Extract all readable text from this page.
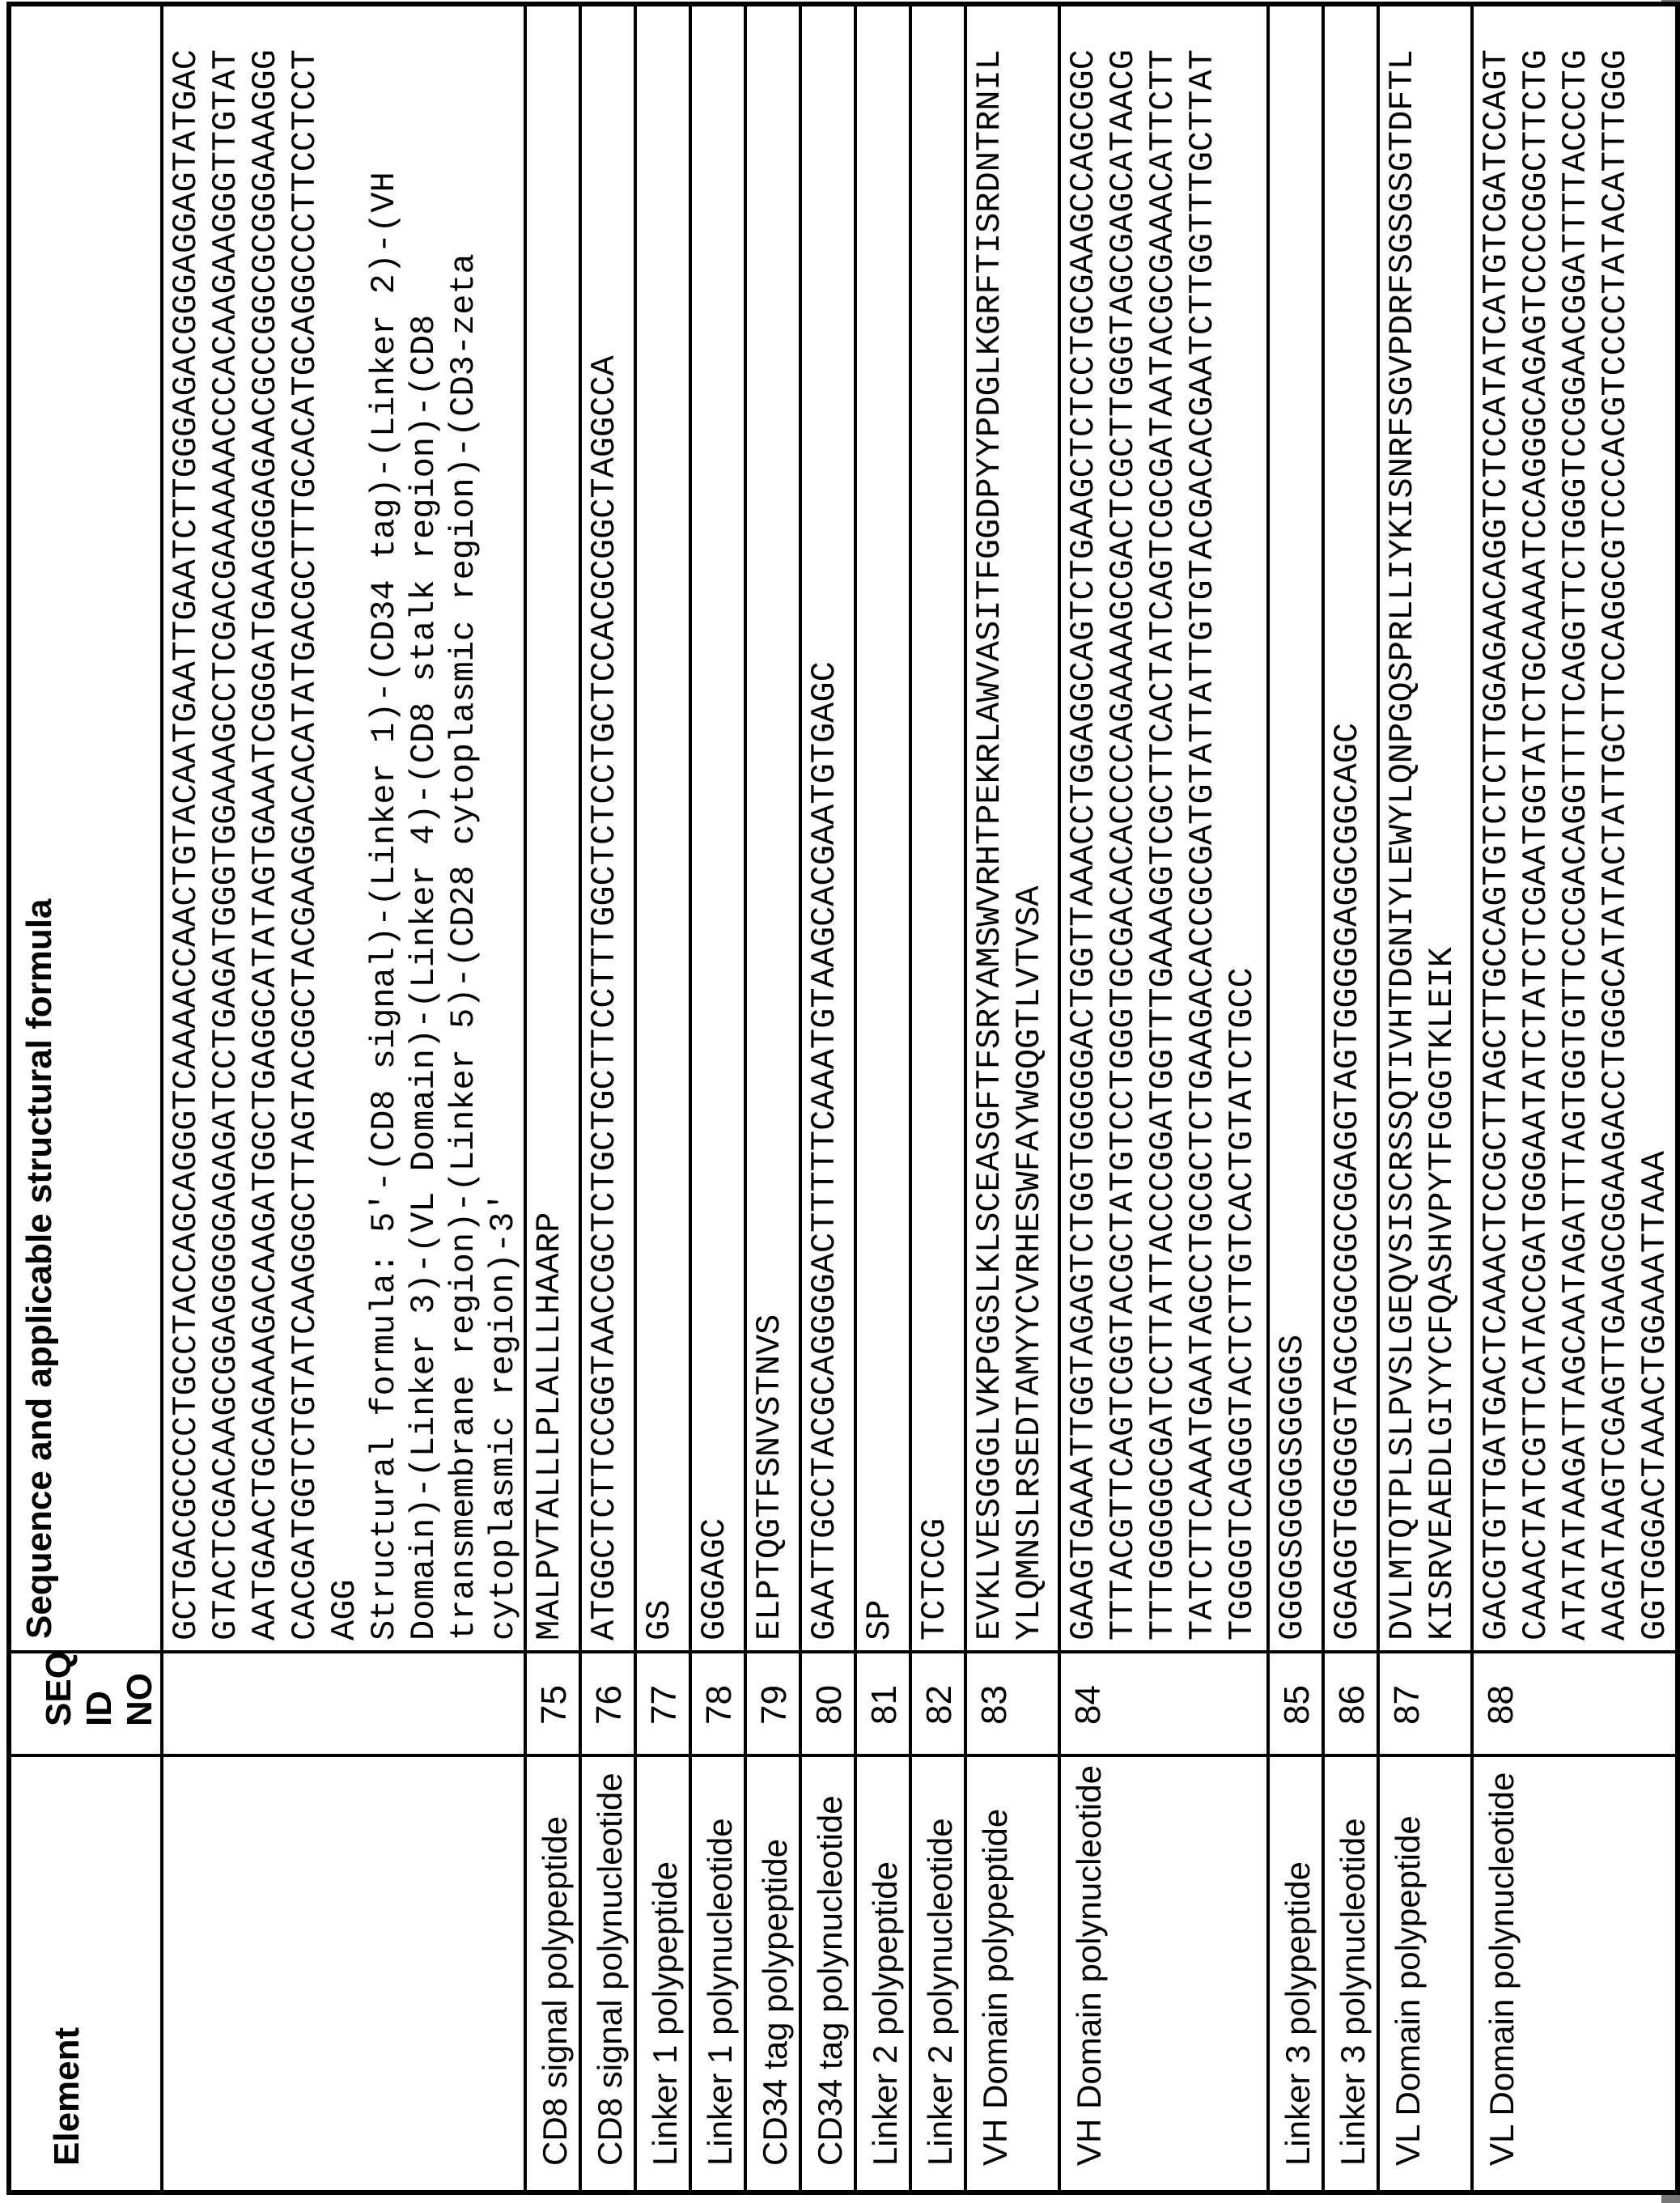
Element	SEQ ID NO	Sequence and applicable structural formula

GCTGACGCCCCTGCCTACCAGCAGGGTCAAAACCAACTGTACAATGAATTGAATCTTGGGAGACGGGAGGAGTATGAC
GTACTCGACAAGCGGAGGGGGAGAGATCCTGAGATGGGTGGAAAGCCTCGACGAAAAAACCCACAAGAAGGGTTGTAT
AATGAACTGCAGAAAGACAAGATGGCTGAGGCATATAGTGAAATCGGGATGAAGGGAGAACGCCGGCGCGGGAAAGGG
CACGATGGTCTGTATCAAGGGCTTAGTACGGCTACGAAGGACACATATGACGCTTTGCACATGCAGGCCCTTCCTCCT
AGG
Structural formula: 5'-(CD8 signal)-(Linker 1)-(CD34 tag)-(Linker 2)-(VH
Domain)-(Linker 3)-(VL Domain)-(Linker 4)-(CD8 stalk region)-(CD8
transmembrane region)-(Linker 5)-(CD28 cytoplasmic region)-(CD3-zeta
cytoplasmic region)-3'

CD8 signal polypeptide	75	MALPVTALLLPLALLLHAARP

CD8 signal polynucleotide	76	ATGGCTCTTCCGGTAACCGCTCTGCTGCTTCCTTTGGCTCTCCTGCTCCACGCGGCTAGGCCA

Linker 1 polypeptide	77	GS

Linker 1 polynucleotide	78	GGGAGC

CD34 tag polypeptide	79	ELPTQGTFSNVSTNVS

CD34 tag polynucleotide	80	GAATTGCCTACGCAGGGGACTTTTTCAAATGTAAGCACGAATGTGAGC

Linker 2 polypeptide	81	SP

Linker 2 polynucleotide	82	TCTCCG

VH Domain polypeptide	83	EVKLVESGGGLVKPGGSLKLSCEASGFTFSRYAMSWVRHTPEKRLAWVASITFGGDPYYPDGLKGRFTISRDNTRNIL
YLQMNSLRSEDTAMYYCVRHESWFAYWGQGTLVTVSA

VH Domain polynucleotide	84	GAAGTGAAATTGGTAGAGTCTGGTGGGGGACTGGTTAAACCTGGAGGCAGTCTGAAGCTCTCCTGCGAAGCCAGCGGC
TTTACGTTCAGTCGGTACGCTATGTCCTGGGTGCGACACACCCCAGAAAAGCGACTCGCTTGGGTAGCGAGCATAACG
TTTGGGGGCGATCCTTATTACCCGGATGGTTTGAAAGGTCGCTTCACTATCAGTCGCGATAATACGCGAAACATTCTT
TATCTTCAAATGAATAGCCTGCGCTCTGAAGACACCGCGATGTATTATTGTGTACGACACGAATCTTGGTTTGCTTAT
TGGGGTCAGGGTACTCTTGTCACTGTATCTGCC

Linker 3 polypeptide	85	GGGGSGGGGSGGGGS

Linker 3 polynucleotide	86	GGAGGTGGGGGTAGCGGCGGCGGAGGTAGTGGGGGAGGCGGCAGC

VL Domain polypeptide	87	DVLMTQTPLSLPVSLGEQVSISCRSSQTIVHTDGNIYLEWYLQNPGQSPRLLIYKISNRFSGVPDRFSGSGSGTDFTL
KISRVEAEDLGIYYCFQASHVPYTFGGGTKLEIK

VL Domain polynucleotide	88	GACGTGTTGATGACTCAAACTCCGCTTAGCTTGCCAGTGTCTCTTGGAGAACAGGTCTCCATATCATGTCGATCCAGT
CAAACTATCGTTCATACCGATGGGAATATCTATCTCGAATGGTATCTGCAAAATCCAGGGCAGAGTCCCCGGCTTCTG
ATATATAAGATTAGCAATAGATTTAGTGGTGTTCCCGACAGGTTTTCAGGTTCTGGGTCCGGAACGGATTTTACCCTG
AAGATAAGTCGAGTTGAAGCGGAAGACCTGGGCATATACTATTGCTTCCAGGCGTCCCACGTCCCCTATACATTTGGG
GGTGGGACTAAACTGGAAATTAAA
